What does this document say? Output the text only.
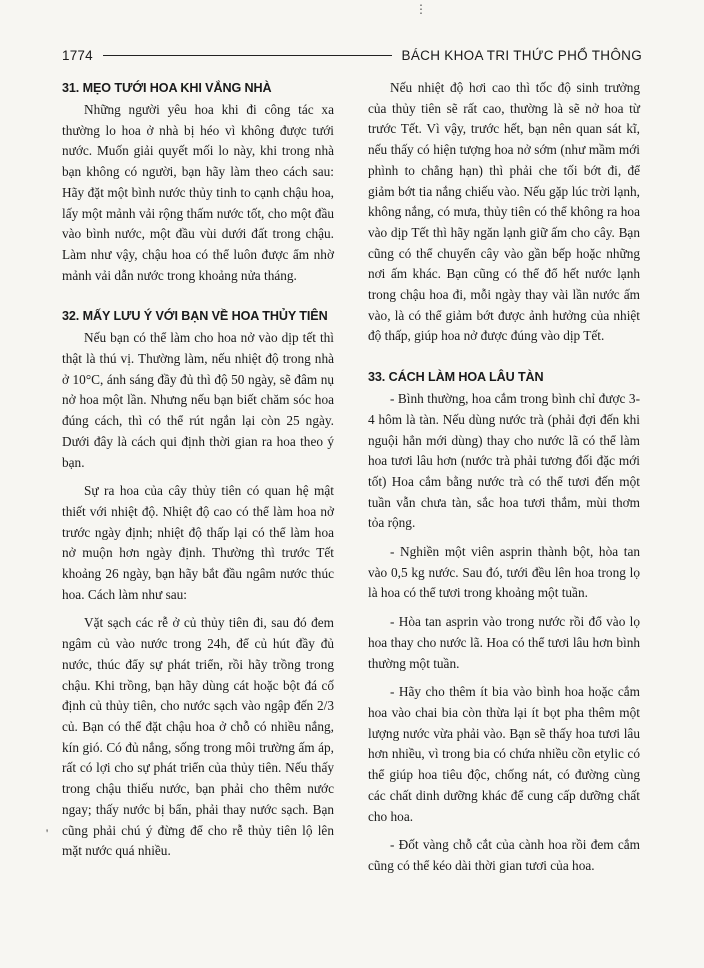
⋮
1774	BÁCH KHOA TRI THỨC PHỔ THÔNG
31. MẸO TƯỚI HOA KHI VẮNG NHÀ

Những người yêu hoa khi đi công tác xa thường lo hoa ở nhà bị héo vì không được tưới nước. Muốn giải quyết mối lo này, khi trong nhà bạn không có người, bạn hãy làm theo cách sau: Hãy đặt một bình nước thủy tinh to cạnh chậu hoa, lấy một mảnh vải rộng thấm nước tốt, cho một đầu vào bình nước, một đầu vùi dưới đất trong chậu. Làm như vậy, chậu hoa có thể luôn được ẩm nhờ mảnh vải dẫn nước trong khoảng nửa tháng.

32. MẤY LƯU Ý VỚI BẠN VỀ HOA THỦY TIÊN

Nếu bạn có thể làm cho hoa nở vào dịp tết thì thật là thú vị. Thường làm, nếu nhiệt độ trong nhà ở 10°C, ánh sáng đầy đủ thì độ 50 ngày, sẽ đâm nụ nở hoa một lần. Nhưng nếu bạn biết chăm sóc hoa đúng cách, thì có thể rút ngắn lại còn 25 ngày. Dưới đây là cách qui định thời gian ra hoa theo ý bạn.

Sự ra hoa của cây thủy tiên có quan hệ mật thiết với nhiệt độ. Nhiệt độ cao có thể làm hoa nở trước ngày định; nhiệt độ thấp lại có thể làm hoa nở muộn hơn ngày định. Thường thì trước Tết khoảng 26 ngày, bạn hãy bắt đầu ngâm nước thúc hoa. Cách làm như sau:

Vặt sạch các rễ ở củ thủy tiên đi, sau đó đem ngâm củ vào nước trong 24h, để củ hút đầy đủ nước, thúc đẩy sự phát triển, rồi hãy trồng trong chậu. Khi trồng, bạn hãy dùng cát hoặc bột đá cố định củ thủy tiên, cho nước sạch vào ngập đến 2/3 củ. Bạn có thể đặt chậu hoa ở chỗ có nhiều nắng, kín gió. Có đủ nắng, sống trong môi trường ấm áp, rất có lợi cho sự phát triển của thủy tiên. Nếu thấy trong chậu thiếu nước, bạn phải cho thêm nước ngay; thấy nước bị bẩn, phải thay nước sạch. Bạn cũng phải chú ý đừng để cho rễ thủy tiên lộ lên mặt nước quá nhiều.

'

Nếu nhiệt độ hơi cao thì tốc độ sinh trưởng của thủy tiên sẽ rất cao, thường là sẽ nở hoa từ trước Tết. Vì vậy, trước hết, bạn nên quan sát kĩ, nếu thấy có hiện tượng hoa nở sớm (như mầm mới phình to chẳng hạn) thì phải che tối bớt đi, để giảm bớt tia nắng chiếu vào. Nếu gặp lúc trời lạnh, không nắng, có mưa, thủy tiên có thể không ra hoa vào dịp Tết thì hãy ngăn lạnh giữ ấm cho cây. Bạn cũng có thể chuyển cây vào gần bếp hoặc những nơi ấm khác. Bạn cũng có thể đổ hết nước lạnh trong chậu hoa đi, mỗi ngày thay vài lần nước ấm vào, là có thể giảm bớt được ảnh hưởng của nhiệt độ thấp, giúp hoa nở được đúng vào dịp Tết.

33. CÁCH LÀM HOA LÂU TÀN

- Bình thường, hoa cắm trong bình chỉ được 3-4 hôm là tàn. Nếu dùng nước trà (phải đợi đến khi nguội hẳn mới dùng) thay cho nước lã có thể làm hoa tươi lâu hơn (nước trà phải tương đối đặc mới tốt) Hoa cắm bằng nước trà có thể tươi đến một tuần vẫn chưa tàn, sắc hoa tươi thắm, mùi thơm tỏa rộng.

- Nghiền một viên asprin thành bột, hòa tan vào 0,5 kg nước. Sau đó, tưới đều lên hoa trong lọ là hoa có thể tươi trong khoảng một tuần.

- Hòa tan asprin vào trong nước rồi đổ vào lọ hoa thay cho nước lã. Hoa có thể tươi lâu hơn bình thường một tuần.

- Hãy cho thêm ít bia vào bình hoa hoặc cắm hoa vào chai bia còn thừa lại ít bọt pha thêm một lượng nước vừa phải vào. Bạn sẽ thấy hoa tươi lâu hơn nhiều, vì trong bia có chứa nhiều cồn etylic có thể giúp hoa tiêu độc, chống nát, có đường cùng các chất dinh dưỡng khác để cung cấp dưỡng chất cho hoa.

- Đốt vàng chỗ cắt của cành hoa rồi đem cắm cũng có thể kéo dài thời gian tươi của hoa.
